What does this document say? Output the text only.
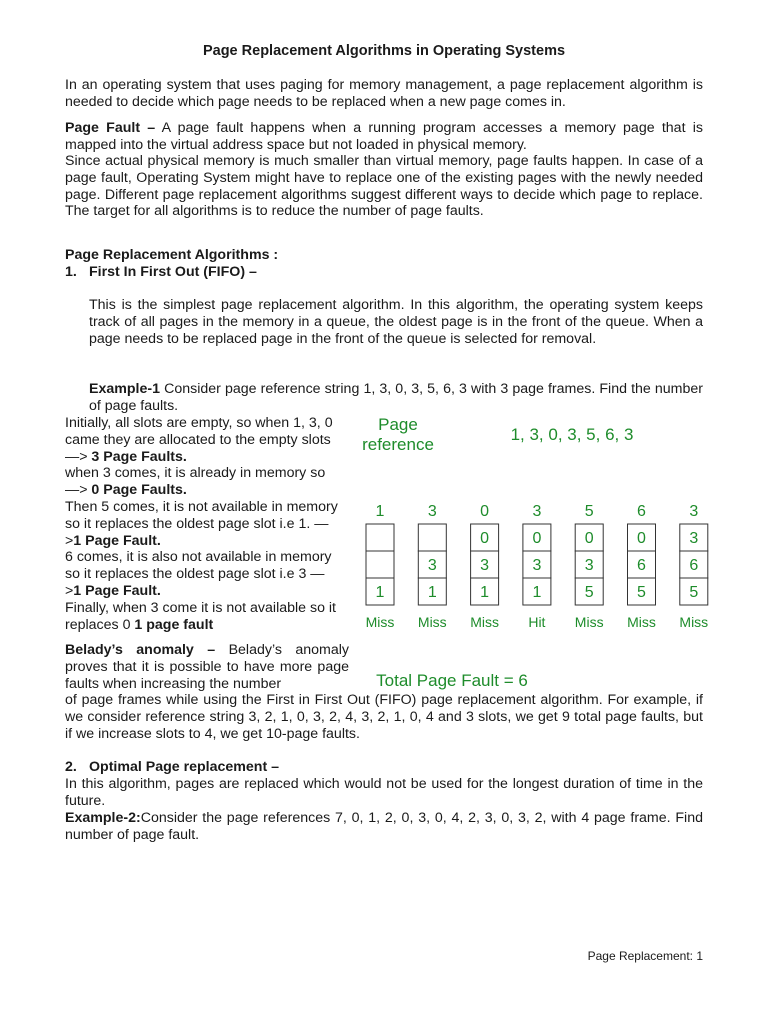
Page Replacement Algorithms in Operating Systems

In an operating system that uses paging for memory management, a page replacement algorithm is needed to decide which page needs to be replaced when a new page comes in.

Page Fault – A page fault happens when a running program accesses a memory page that is mapped into the virtual address space but not loaded in physical memory.

Since actual physical memory is much smaller than virtual memory, page faults happen. In case of a page fault, Operating System might have to replace one of the existing pages with the newly needed page. Different page replacement algorithms suggest different ways to decide which page to replace. The target for all algorithms is to reduce the number of page faults.

Page Replacement Algorithms :
1. First In First Out (FIFO) –

This is the simplest page replacement algorithm. In this algorithm, the operating system keeps track of all pages in the memory in a queue, the oldest page is in the front of the queue. When a page needs to be replaced page in the front of the queue is selected for removal.

Example-1 Consider page reference string 1, 3, 0, 3, 5, 6, 3 with 3 page frames. Find the number of page faults.

Initially, all slots are empty, so when 1, 3, 0 came they are allocated to the empty slots —> 3 Page Faults.
when 3 comes, it is already in memory so —> 0 Page Faults.
Then 5 comes, it is not available in memory so it replaces the oldest page slot i.e 1. —>1 Page Fault.
6 comes, it is also not available in memory so it replaces the oldest page slot i.e 3 —>1 Page Fault.
Finally, when 3 come it is not available so it replaces 0 1 page fault

Page
reference
1, 3, 0, 3, 5, 6, 3
1
1
Miss
3
3
1
Miss
0
0
3
1
Miss
3
0
3
1
Hit
5
0
3
5
Miss
6
0
6
5
Miss
3
3
6
5
Miss
Total Page Fault = 6

Belady’s anomaly – Belady’s anomaly proves that it is possible to have more page faults when increasing the number

of page frames while using the First in First Out (FIFO) page replacement algorithm. For example, if we consider reference string 3, 2, 1, 0, 3, 2, 4, 3, 2, 1, 0, 4 and 3 slots, we get 9 total page faults, but if we increase slots to 4, we get 10-page faults.

2. Optimal Page replacement –

In this algorithm, pages are replaced which would not be used for the longest duration of time in the future.

Example-2:Consider the page references 7, 0, 1, 2, 0, 3, 0, 4, 2, 3, 0, 3, 2, with 4 page frame. Find number of page fault.

Page Replacement: 1
